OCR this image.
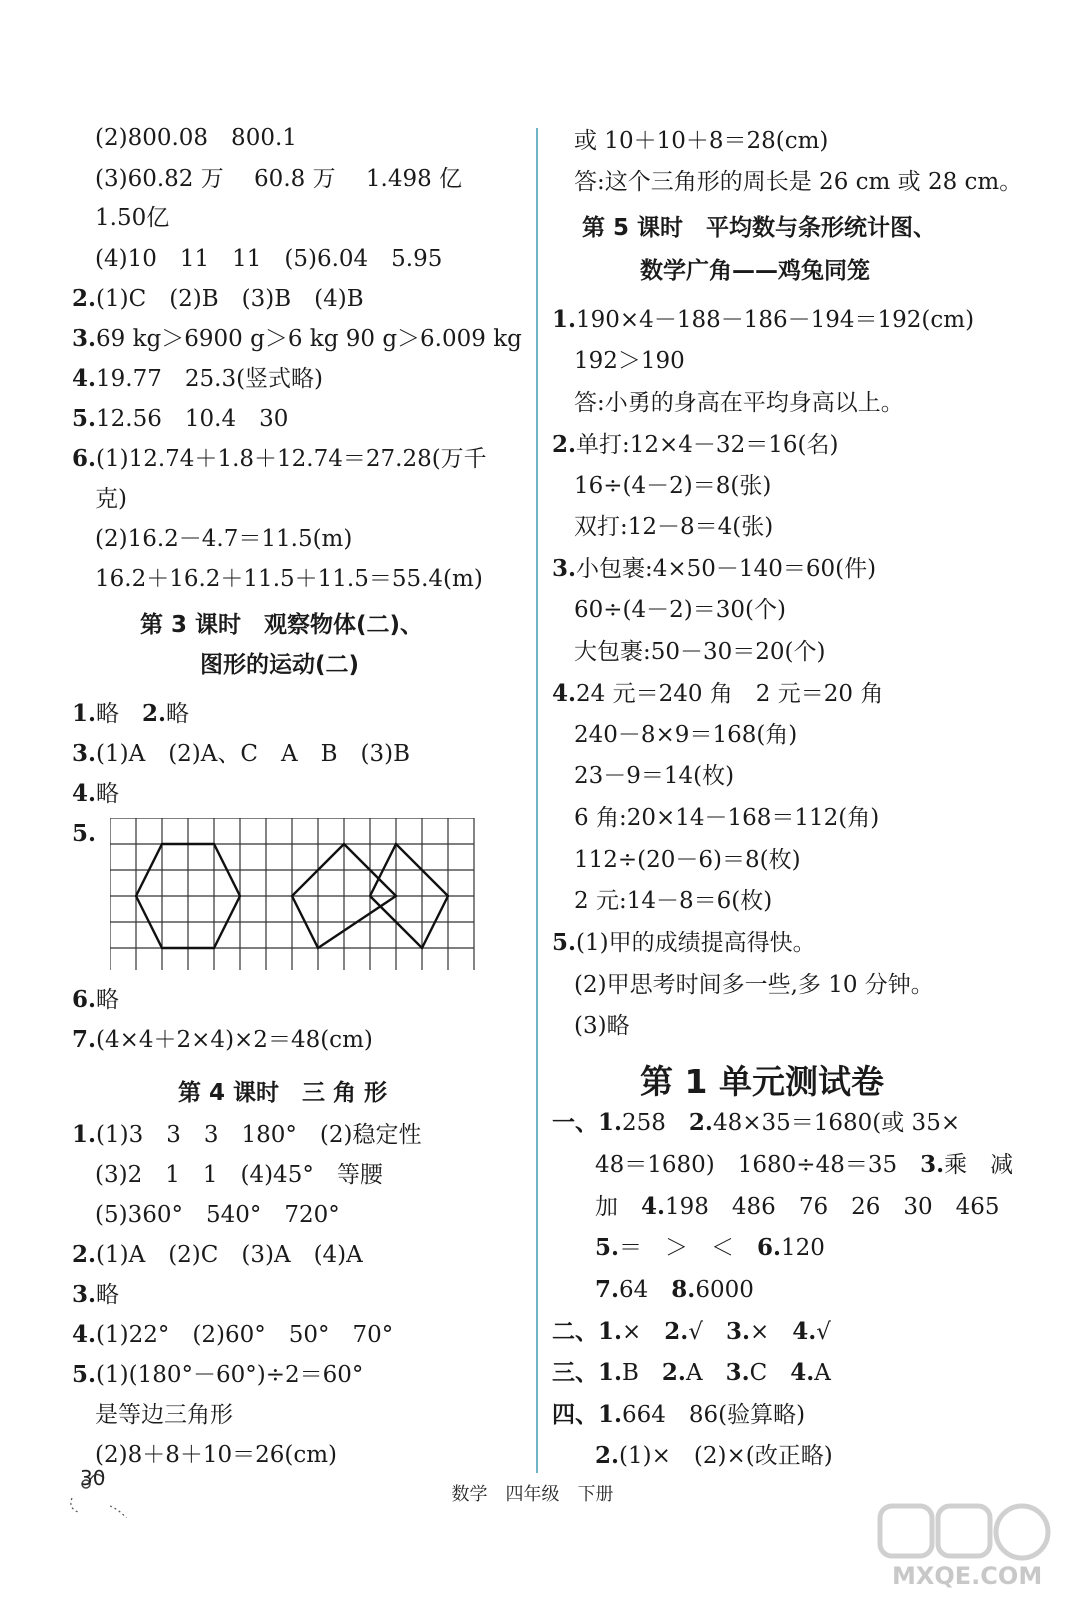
(2)800.08　800.1
(3)60.82 万　 60.8 万　 1.498 亿
1.50亿
(4)10　11　11　(5)6.04　5.95
2.(1)C　(2)B　(3)B　(4)B
3.69 kg＞6900 g＞6 kg 90 g＞6.009 kg
4.19.77　25.3(竖式略)
5.12.56　10.4　30
6.(1)12.74＋1.8＋12.74＝27.28(万千
克)
(2)16.2－4.7＝11.5(m)
16.2＋16.2＋11.5＋11.5＝55.4(m)
第 3 课时　观察物体(二)、
图形的运动(二)
1.略　2.略
3.(1)A　(2)A、C　A　B　(3)B
4.略
5.
6.略
7.(4×4＋2×4)×2＝48(cm)
第 4 课时　三 角 形
1.(1)3　3　3　180°　(2)稳定性
(3)2　1　1　(4)45°　等腰
(5)360°　540°　720°
2.(1)A　(2)C　(3)A　(4)A
3.略
4.(1)22°　(2)60°　50°　70°
5.(1)(180°－60°)÷2＝60°
是等边三角形
(2)8＋8＋10＝26(cm)
或 10＋10＋8＝28(cm)
答:这个三角形的周长是 26 cm 或 28 cm。
第 5 课时　平均数与条形统计图、
数学广角——鸡兔同笼
1.190×4－188－186－194＝192(cm)
192＞190
答:小勇的身高在平均身高以上。
2.单打:12×4－32＝16(名)
16÷(4－2)＝8(张)
双打:12－8＝4(张)
3.小包裹:4×50－140＝60(件)
60÷(4－2)＝30(个)
大包裹:50－30＝20(个)
4.24 元＝240 角　2 元＝20 角
240－8×9＝168(角)
23－9＝14(枚)
6 角:20×14－168＝112(角)
112÷(20－6)＝8(枚)
2 元:14－8＝6(枚)
5.(1)甲的成绩提高得快。
(2)甲思考时间多一些,多 10 分钟。
(3)略
第 1 单元测试卷
一、1.258　2.48×35＝1680(或 35×
48＝1680)　1680÷48＝35　3.乘　减
加　4.198　486　76　26　30　465
5.＝　＞　＜　6.120
7.64　8.6000
二、1.×　2.√　3.×　4.√
三、1.B　2.A　3.C　4.A
四、1.664　86(验算略)
2.(1)×　(2)×(改正略)
30
数学　四年级　下册
MXQE.COM
